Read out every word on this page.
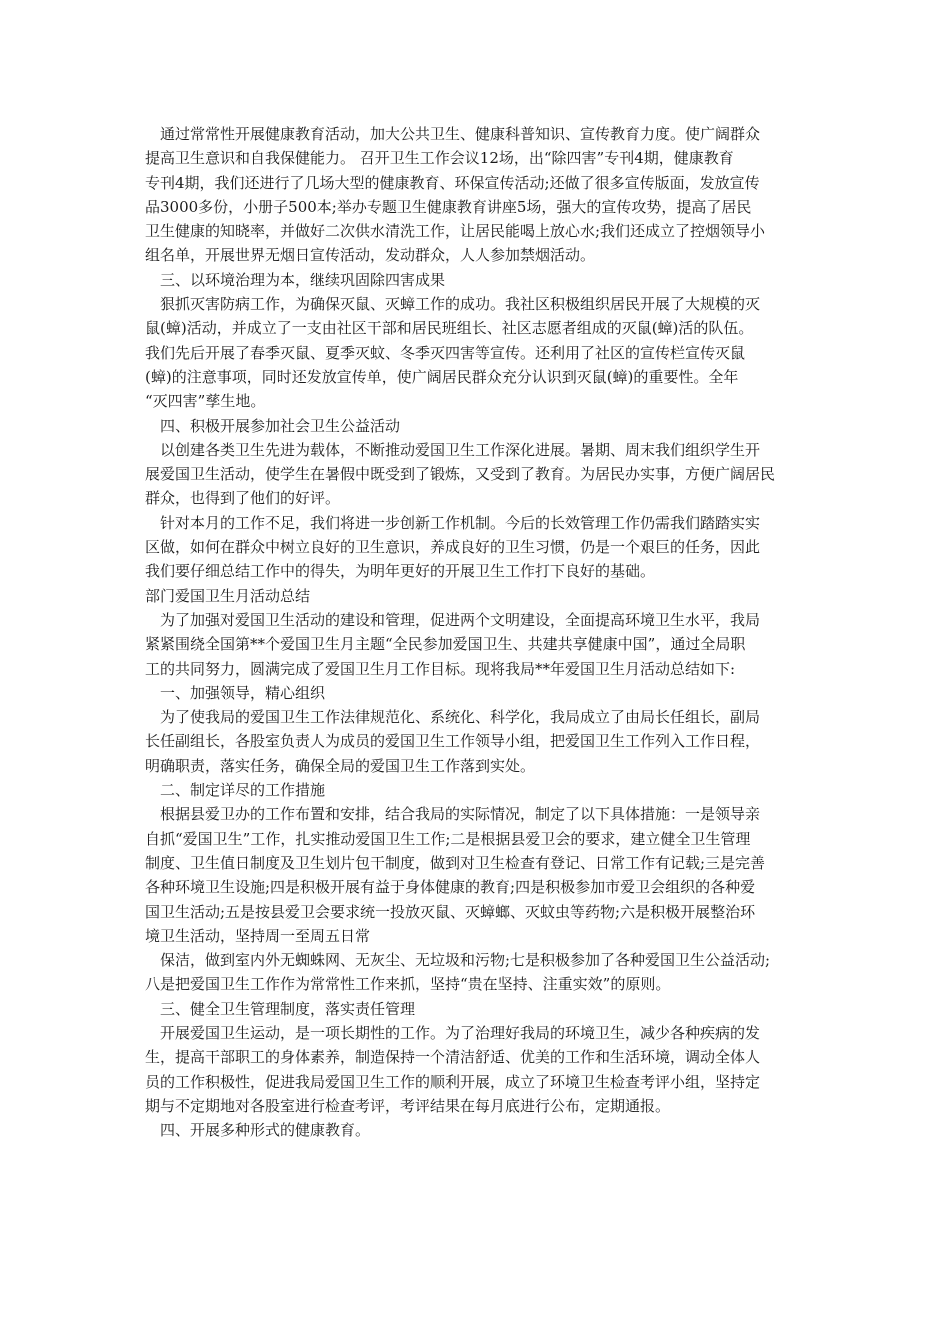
通过常常性开展健康教育活动，加大公共卫生、健康科普知识、宣传教育力度。使广阔群众
提高卫生意识和自我保健能力。 召开卫生工作会议12场，出“除四害”专刊4期，健康教育
专刊4期，我们还进行了几场大型的健康教育、环保宣传活动;还做了很多宣传版面，发放宣传
品3000多份，小册子500本;举办专题卫生健康教育讲座5场，强大的宣传攻势，提高了居民
卫生健康的知晓率，并做好二次供水清洗工作，让居民能喝上放心水;我们还成立了控烟领导小
组名单，开展世界无烟日宣传活动，发动群众，人人参加禁烟活动。
三、以环境治理为本，继续巩固除四害成果
狠抓灭害防病工作，为确保灭鼠、灭蟑工作的成功。我社区积极组织居民开展了大规模的灭
鼠(蟑)活动，并成立了一支由社区干部和居民班组长、社区志愿者组成的灭鼠(蟑)活的队伍。
我们先后开展了春季灭鼠、夏季灭蚊、冬季灭四害等宣传。还利用了社区的宣传栏宣传灭鼠
(蟑)的注意事项，同时还发放宣传单，使广阔居民群众充分认识到灭鼠(蟑)的重要性。全年
“灭四害”孳生地。
四、积极开展参加社会卫生公益活动
以创建各类卫生先进为载体，不断推动爱国卫生工作深化进展。暑期、周末我们组织学生开
展爱国卫生活动，使学生在暑假中既受到了锻炼，又受到了教育。为居民办实事，方便广阔居民
群众，也得到了他们的好评。
针对本月的工作不足，我们将进一步创新工作机制。今后的长效管理工作仍需我们踏踏实实
区做，如何在群众中树立良好的卫生意识，养成良好的卫生习惯，仍是一个艰巨的任务，因此
我们要仔细总结工作中的得失，为明年更好的开展卫生工作打下良好的基础。
部门爱国卫生月活动总结
为了加强对爱国卫生活动的建设和管理，促进两个文明建设，全面提高环境卫生水平，我局
紧紧围绕全国第**个爱国卫生月主题“全民参加爱国卫生、共建共享健康中国”，通过全局职
工的共同努力，圆满完成了爱国卫生月工作目标。现将我局**年爱国卫生月活动总结如下:
一、加强领导，精心组织
为了使我局的爱国卫生工作法律规范化、系统化、科学化，我局成立了由局长任组长，副局
长任副组长，各股室负责人为成员的爱国卫生工作领导小组，把爱国卫生工作列入工作日程，
明确职责，落实任务，确保全局的爱国卫生工作落到实处。
二、制定详尽的工作措施
根据县爱卫办的工作布置和安排，结合我局的实际情况，制定了以下具体措施：一是领导亲
自抓“爱国卫生”工作，扎实推动爱国卫生工作;二是根据县爱卫会的要求，建立健全卫生管理
制度、卫生值日制度及卫生划片包干制度，做到对卫生检查有登记、日常工作有记载;三是完善
各种环境卫生设施;四是积极开展有益于身体健康的教育;四是积极参加市爱卫会组织的各种爱
国卫生活动;五是按县爱卫会要求统一投放灭鼠、灭蟑螂、灭蚊虫等药物;六是积极开展整治环
境卫生活动，坚持周一至周五日常
保洁，做到室内外无蜘蛛网、无灰尘、无垃圾和污物;七是积极参加了各种爱国卫生公益活动;
八是把爱国卫生工作作为常常性工作来抓，坚持“贵在坚持、注重实效”的原则。
三、健全卫生管理制度，落实责任管理
开展爱国卫生运动，是一项长期性的工作。为了治理好我局的环境卫生，减少各种疾病的发
生，提高干部职工的身体素养，制造保持一个清洁舒适、优美的工作和生活环境，调动全体人
员的工作积极性，促进我局爱国卫生工作的顺利开展，成立了环境卫生检查考评小组，坚持定
期与不定期地对各股室进行检查考评，考评结果在每月底进行公布，定期通报。
四、开展多种形式的健康教育。
